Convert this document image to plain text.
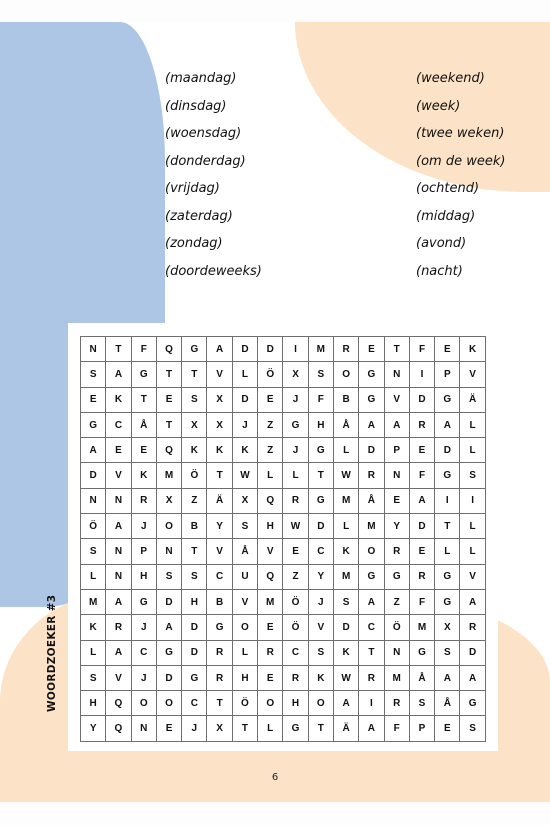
(maandag)
(dinsdag)
(woensdag)
(donderdag)
(vrijdag)
(zaterdag)
(zondag)
(doordeweeks)
(weekend)
(week)
(twee weken)
(om de week)
(ochtend)
(middag)
(avond)
(nacht)
N	T	F	Q	G	A	D	D	I	M	R	E	T	F	E	K
S	A	G	T	T	V	L	Ö	X	S	O	G	N	I	P	V
E	K	T	E	S	X	D	E	J	F	B	G	V	D	G	Ä
G	C	Å	T	X	X	J	Z	G	H	Å	A	A	R	A	L
A	E	E	Q	K	K	K	Z	J	G	L	D	P	E	D	L
D	V	K	M	Ö	T	W	L	L	T	W	R	N	F	G	S
N	N	R	X	Z	Ä	X	Q	R	G	M	Å	E	A	I	I
Ö	A	J	O	B	Y	S	H	W	D	L	M	Y	D	T	L
S	N	P	N	T	V	Å	V	E	C	K	O	R	E	L	L
L	N	H	S	S	C	U	Q	Z	Y	M	G	G	R	G	V
M	A	G	D	H	B	V	M	Ö	J	S	A	Z	F	G	A
K	R	J	A	D	G	O	E	Ö	V	D	C	Ö	M	X	R
L	A	C	G	D	R	L	R	C	S	K	T	N	G	S	D
S	V	J	D	G	R	H	E	R	K	W	R	M	Å	A	A
H	Q	O	O	C	T	Ö	O	H	O	A	I	R	S	Å	G
Y	Q	N	E	J	X	T	L	G	T	Ä	A	F	P	E	S
WOORDZOEKER #3
6
